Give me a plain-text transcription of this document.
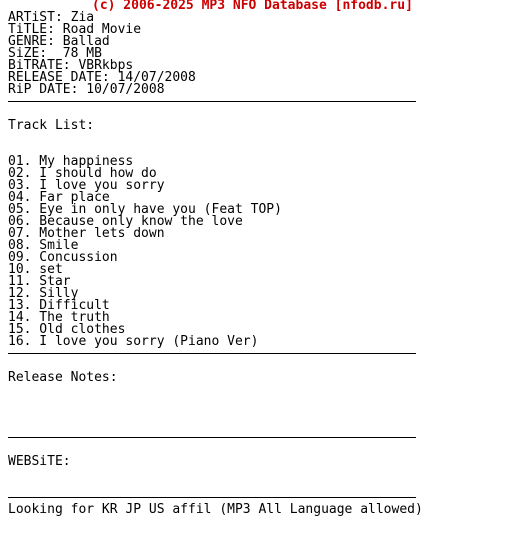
(c) 2006-2025 MP3 NFO Database [nfodb.ru]
ARTiST: Zia
TiTLE: Road Movie
GENRE: Ballad
SiZE:  78 MB
BiTRATE: VBRkbps
RELEASE DATE: 14/07/2008
RiP DATE: 10/07/2008
Track List:
01. My happiness
02. I should how do
03. I love you sorry
04. Far place
05. Eye in only have you (Feat TOP)
06. Because only know the love
07. Mother lets down
08. Smile
09. Concussion
10. set
11. Star
12. Silly
13. Difficult
14. The truth
15. Old clothes
16. I love you sorry (Piano Ver)
Release Notes:
WEBSiTE:
Looking for KR JP US affil (MP3 All Language allowed)
